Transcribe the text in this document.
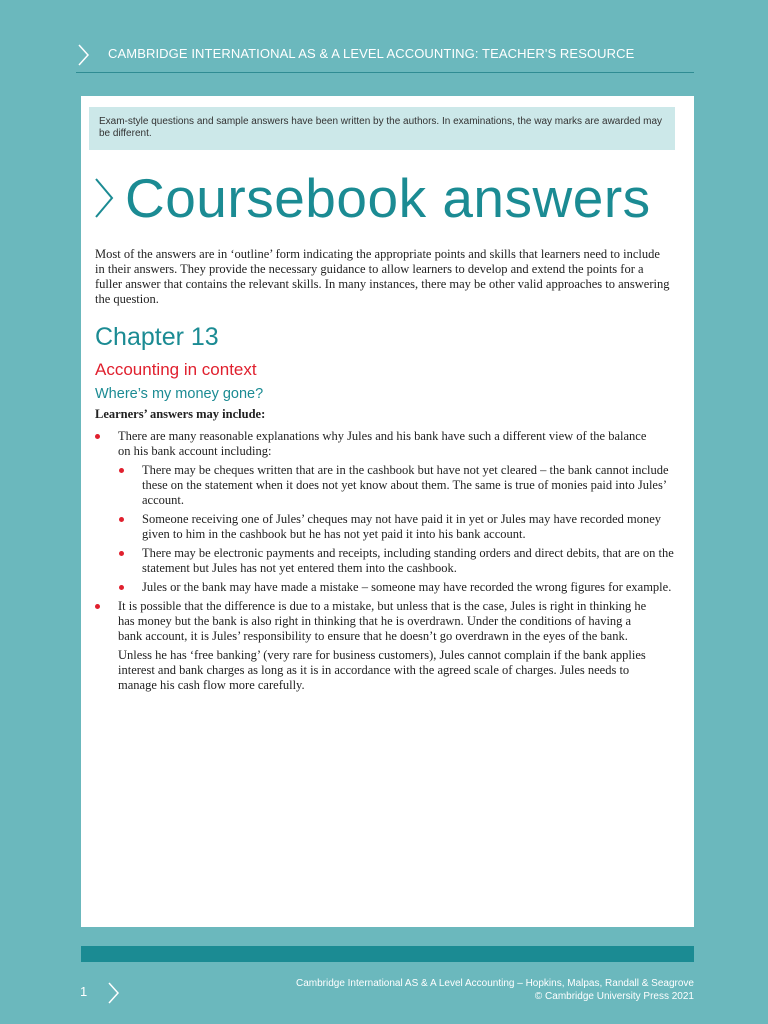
CAMBRIDGE INTERNATIONAL AS & A LEVEL ACCOUNTING: TEACHER'S RESOURCE
Exam-style questions and sample answers have been written by the authors. In examinations, the way marks are awarded may be different.
Coursebook answers
Most of the answers are in ‘outline’ form indicating the appropriate points and skills that learners need to include in their answers. They provide the necessary guidance to allow learners to develop and extend the points for a fuller answer that contains the relevant skills. In many instances, there may be other valid approaches to answering the question.
Chapter 13
Accounting in context
Where’s my money gone?
Learners’ answers may include:
There are many reasonable explanations why Jules and his bank have such a different view of the balance on his bank account including:
There may be cheques written that are in the cashbook but have not yet cleared – the bank cannot include these on the statement when it does not yet know about them. The same is true of monies paid into Jules’ account.
Someone receiving one of Jules’ cheques may not have paid it in yet or Jules may have recorded money given to him in the cashbook but he has not yet paid it into his bank account.
There may be electronic payments and receipts, including standing orders and direct debits, that are on the statement but Jules has not yet entered them into the cashbook.
Jules or the bank may have made a mistake – someone may have recorded the wrong figures for example.
It is possible that the difference is due to a mistake, but unless that is the case, Jules is right in thinking he has money but the bank is also right in thinking that he is overdrawn. Under the conditions of having a bank account, it is Jules’ responsibility to ensure that he doesn’t go overdrawn in the eyes of the bank.
Unless he has ‘free banking’ (very rare for business customers), Jules cannot complain if the bank applies interest and bank charges as long as it is in accordance with the agreed scale of charges. Jules needs to manage his cash flow more carefully.
1
Cambridge International AS & A Level Accounting – Hopkins, Malpas, Randall & Seagrove
© Cambridge University Press 2021
